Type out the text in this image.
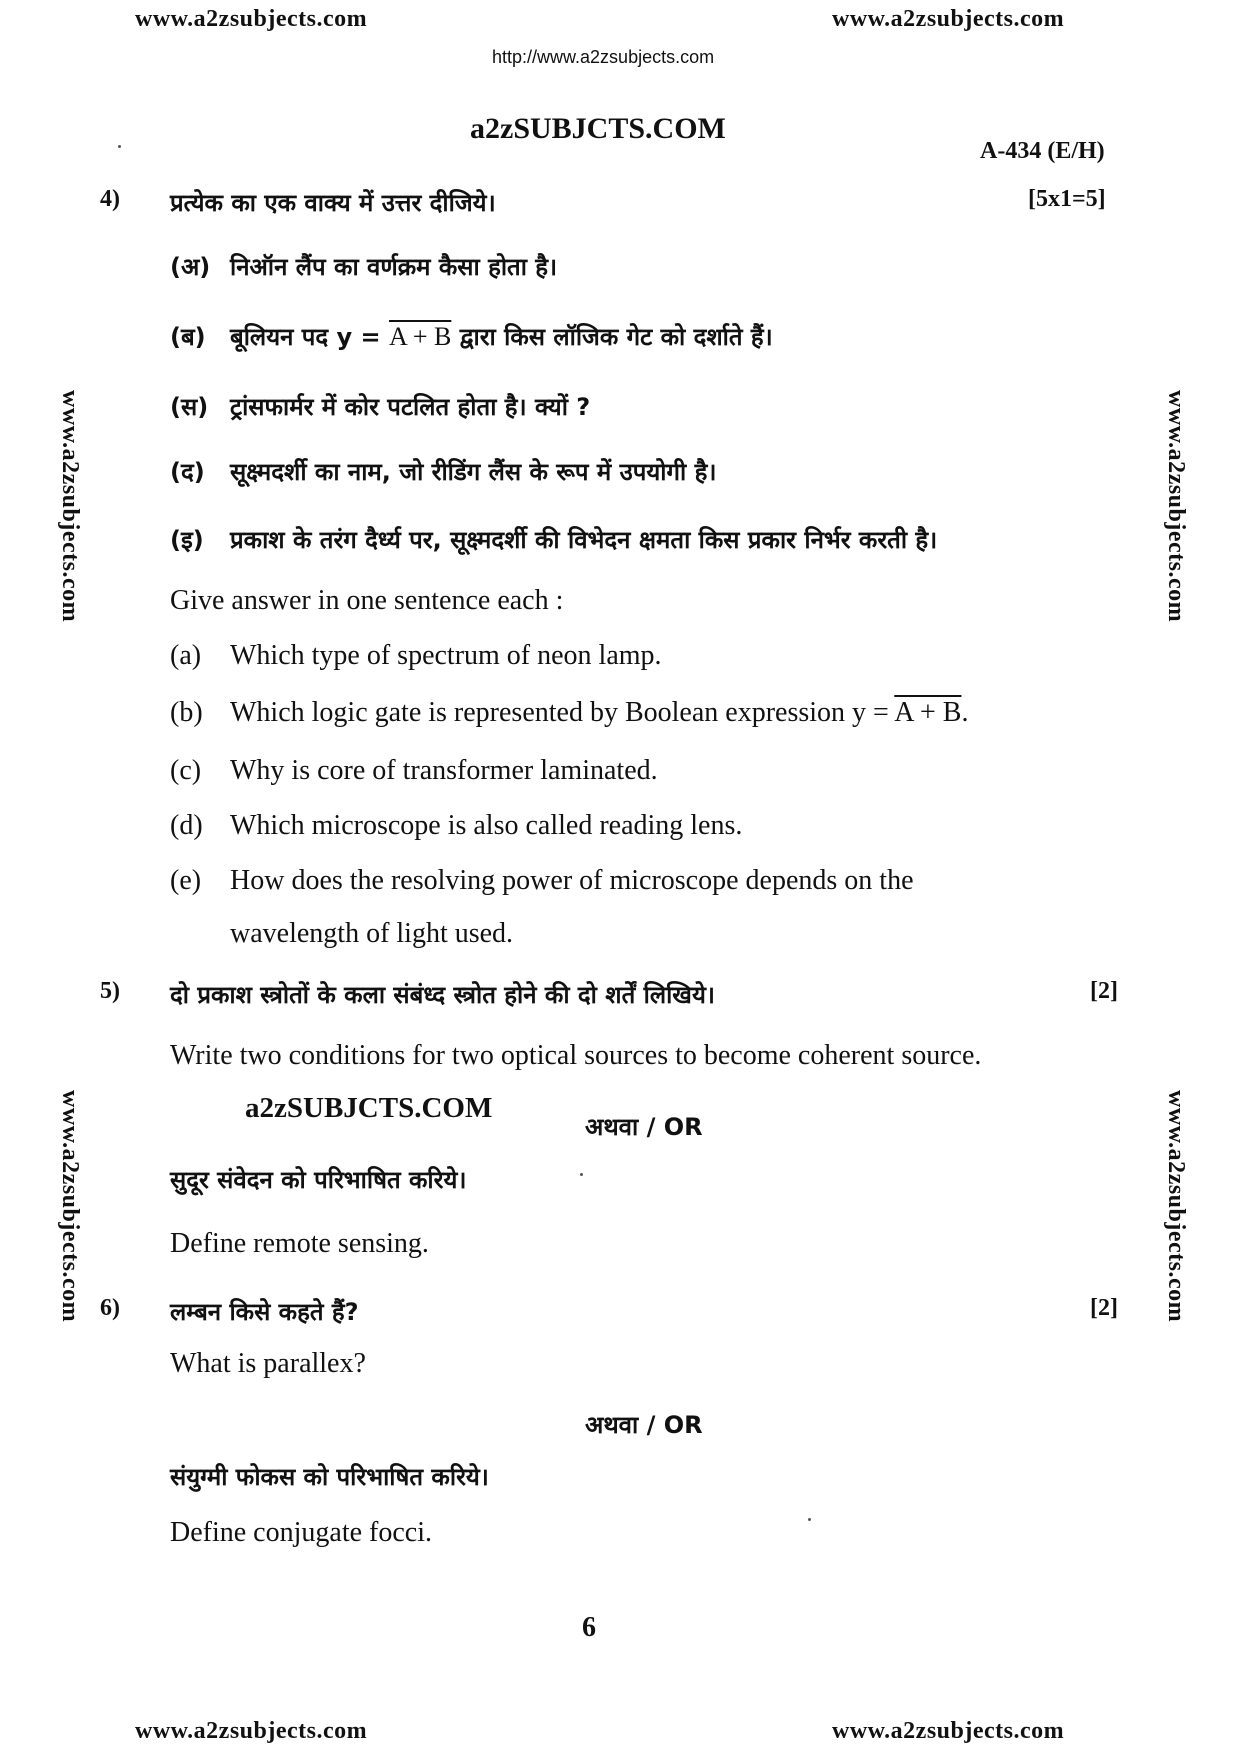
www.a2zsubjects.com	www.a2zsubjects.com
http://www.a2zsubjects.com
a2zSUBJCTS.COM
A-434 (E/H)
www.a2zsubjects.com
www.a2zsubjects.com
www.a2zsubjects.com
www.a2zsubjects.com
4) प्रत्येक का एक वाक्य में उत्तर दीजिये।	[5x1=5]
(अ) निऑन लैंप का वर्णक्रम कैसा होता है।
(ब) बूलियन पद y = A + B द्वारा किस लॉजिक गेट को दर्शाते हैं।
(स) ट्रांसफार्मर में कोर पटलित होता है। क्यों ?
(द) सूक्ष्मदर्शी का नाम, जो रीडिंग लैंस के रूप में उपयोगी है।
(इ) प्रकाश के तरंग दैर्ध्य पर, सूक्ष्मदर्शी की विभेदन क्षमता किस प्रकार निर्भर करती है।
Give answer in one sentence each :
(a) Which type of spectrum of neon lamp.
(b) Which logic gate is represented by Boolean expression y = A + B.
(c) Why is core of transformer laminated.
(d) Which microscope is also called reading lens.
(e) How does the resolving power of microscope depends on the
wavelength of light used.
5) दो प्रकाश स्त्रोतों के कला संबंध्द स्त्रोत होने की दो शर्तें लिखिये।	[2]
Write two conditions for two optical sources to become coherent source.
a2zSUBJCTS.COM
अथवा / OR
सुदूर संवेदन को परिभाषित करिये।
Define remote sensing.
6) लम्बन किसे कहते हैं?	[2]
What is parallex?
अथवा / OR
संयुग्मी फोकस को परिभाषित करिये।
Define conjugate focci.
6
www.a2zsubjects.com	www.a2zsubjects.com
